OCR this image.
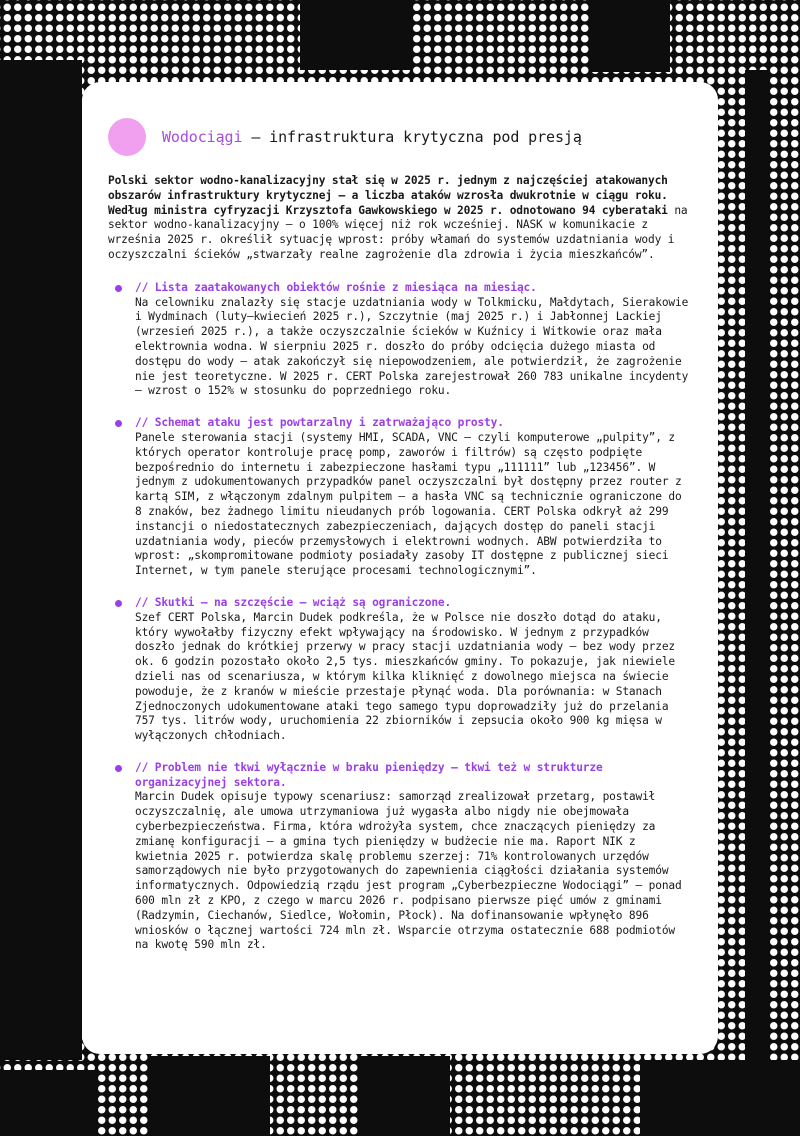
Wodociągi — infrastruktura krytyczna pod presją

Polski sektor wodno-kanalizacyjny stał się w 2025 r. jednym z najczęściej atakowanych obszarów infrastruktury krytycznej — a liczba ataków wzrosła dwukrotnie w ciągu roku. Według ministra cyfryzacji Krzysztofa Gawkowskiego w 2025 r. odnotowano 94 cyberataki na sektor wodno-kanalizacyjny — o 100% więcej niż rok wcześniej. NASK w komunikacie z września 2025 r. określił sytuację wprost: próby włamań do systemów uzdatniania wody i oczyszczalni ścieków „stwarzały realne zagrożenie dla zdrowia i życia mieszkańców”.

// Lista zaatakowanych obiektów rośnie z miesiąca na miesiąc.

Na celowniku znalazły się stacje uzdatniania wody w Tolkmicku, Małdytach, Sierakowie i Wydminach (luty–kwiecień 2025 r.), Szczytnie (maj 2025 r.) i Jabłonnej Lackiej (wrzesień 2025 r.), a także oczyszczalnie ścieków w Kuźnicy i Witkowie oraz mała elektrownia wodna. W sierpniu 2025 r. doszło do próby odcięcia dużego miasta od dostępu do wody — atak zakończył się niepowodzeniem, ale potwierdził, że zagrożenie nie jest teoretyczne. W 2025 r. CERT Polska zarejestrował 260 783 unikalne incydenty — wzrost o 152% w stosunku do poprzedniego roku.

// Schemat ataku jest powtarzalny i zatrważająco prosty.

Panele sterowania stacji (systemy HMI, SCADA, VNC — czyli komputerowe „pulpity”, z których operator kontroluje pracę pomp, zaworów i filtrów) są często podpięte bezpośrednio do internetu i zabezpieczone hasłami typu „111111” lub „123456”. W jednym z udokumentowanych przypadków panel oczyszczalni był dostępny przez router z kartą SIM, z włączonym zdalnym pulpitem — a hasła VNC są technicznie ograniczone do 8 znaków, bez żadnego limitu nieudanych prób logowania. CERT Polska odkrył aż 299 instancji o niedostatecznych zabezpieczeniach, dających dostęp do paneli stacji uzdatniania wody, pieców przemysłowych i elektrowni wodnych. ABW potwierdziła to wprost: „skompromitowane podmioty posiadały zasoby IT dostępne z publicznej sieci Internet, w tym panele sterujące procesami technologicznymi”.

// Skutki — na szczęście — wciąż są ograniczone.

Szef CERT Polska, Marcin Dudek podkreśla, że w Polsce nie doszło dotąd do ataku, który wywołałby fizyczny efekt wpływający na środowisko. W jednym z przypadków doszło jednak do krótkiej przerwy w pracy stacji uzdatniania wody — bez wody przez ok. 6 godzin pozostało około 2,5 tys. mieszkańców gminy. To pokazuje, jak niewiele dzieli nas od scenariusza, w którym kilka kliknięć z dowolnego miejsca na świecie powoduje, że z kranów w mieście przestaje płynąć woda. Dla porównania: w Stanach Zjednoczonych udokumentowane ataki tego samego typu doprowadziły już do przelania 757 tys. litrów wody, uruchomienia 22 zbiorników i zepsucia około 900 kg mięsa w wyłączonych chłodniach.

// Problem nie tkwi wyłącznie w braku pieniędzy — tkwi też w strukturze organizacyjnej sektora.

Marcin Dudek opisuje typowy scenariusz: samorząd zrealizował przetarg, postawił oczyszczalnię, ale umowa utrzymaniowa już wygasła albo nigdy nie obejmowała cyberbezpieczeństwa. Firma, która wdrożyła system, chce znaczących pieniędzy za zmianę konfiguracji — a gmina tych pieniędzy w budżecie nie ma. Raport NIK z kwietnia 2025 r. potwierdza skalę problemu szerzej: 71% kontrolowanych urzędów samorządowych nie było przygotowanych do zapewnienia ciągłości działania systemów informatycznych. Odpowiedzią rządu jest program „Cyberbezpieczne Wodociągi” — ponad 600 mln zł z KPO, z czego w marcu 2026 r. podpisano pierwsze pięć umów z gminami (Radzymin, Ciechanów, Siedlce, Wołomin, Płock). Na dofinansowanie wpłynęło 896 wniosków o łącznej wartości 724 mln zł. Wsparcie otrzyma ostatecznie 688 podmiotów na kwotę 590 mln zł.
